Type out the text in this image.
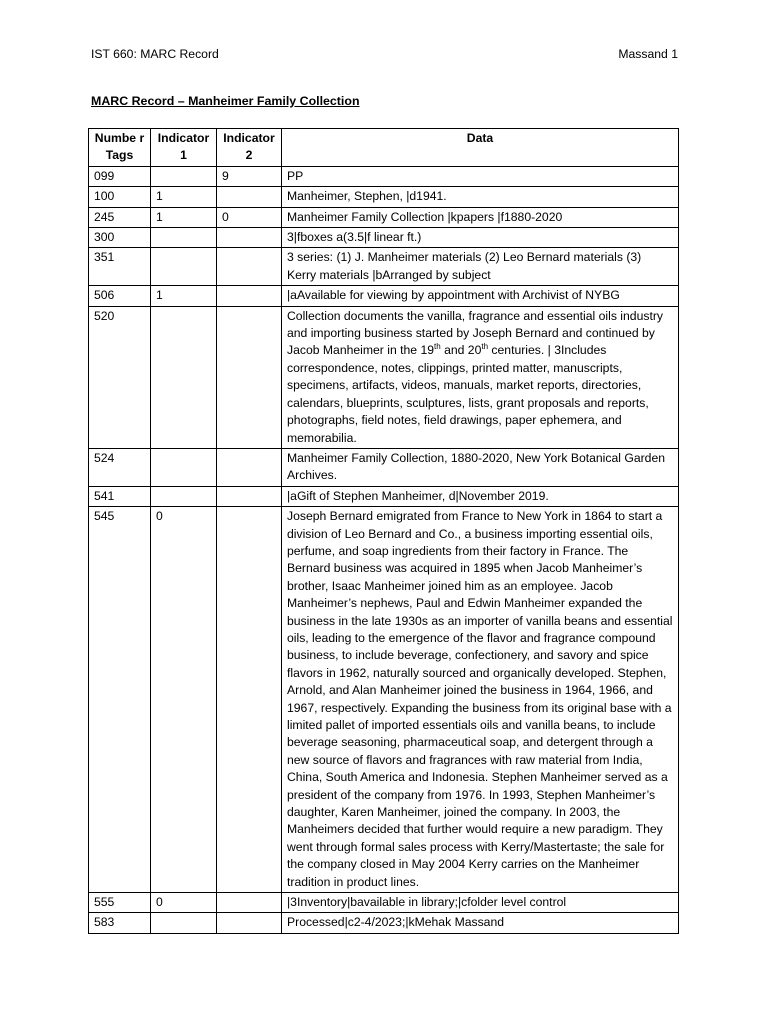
IST 660: MARC Record	Massand 1
MARC Record – Manheimer Family Collection
Numbe r Tags	Indicator 1	Indicator 2	Data
099		9	PP
100	1		Manheimer, Stephen, |d1941.
245	1	0	Manheimer Family Collection |kpapers |f1880-2020
300			3|fboxes a(3.5|f linear ft.)
351			3 series: (1) J. Manheimer materials (2) Leo Bernard materials (3) Kerry materials |bArranged by subject
506	1		|aAvailable for viewing by appointment with Archivist of NYBG
520			Collection documents the vanilla, fragrance and essential oils industry and importing business started by Joseph Bernard and continued by Jacob Manheimer in the 19th and 20th centuries. | 3Includes correspondence, notes, clippings, printed matter, manuscripts, specimens, artifacts, videos, manuals, market reports, directories, calendars, blueprints, sculptures, lists, grant proposals and reports, photographs, field notes, field drawings, paper ephemera, and memorabilia.
524			Manheimer Family Collection, 1880-2020, New York Botanical Garden Archives.
541			|aGift of Stephen Manheimer, d|November 2019.
545	0		Joseph Bernard emigrated from France to New York in 1864 to start a division of Leo Bernard and Co., a business importing essential oils, perfume, and soap ingredients from their factory in France. The Bernard business was acquired in 1895 when Jacob Manheimer’s brother, Isaac Manheimer joined him as an employee. Jacob Manheimer’s nephews, Paul and Edwin Manheimer expanded the business in the late 1930s as an importer of vanilla beans and essential oils, leading to the emergence of the flavor and fragrance compound business, to include beverage, confectionery, and savory and spice flavors in 1962, naturally sourced and organically developed. Stephen, Arnold, and Alan Manheimer joined the business in 1964, 1966, and 1967, respectively. Expanding the business from its original base with a limited pallet of imported essentials oils and vanilla beans, to include beverage seasoning, pharmaceutical soap, and detergent through a new source of flavors and fragrances with raw material from India, China, South America and Indonesia. Stephen Manheimer served as a president of the company from 1976. In 1993, Stephen Manheimer’s daughter, Karen Manheimer, joined the company. In 2003, the Manheimers decided that further would require a new paradigm. They went through formal sales process with Kerry/Mastertaste; the sale for the company closed in May 2004 Kerry carries on the Manheimer tradition in product lines.
555	0		|3Inventory|bavailable in library;|cfolder level control
583			Processed|c2-4/2023;|kMehak Massand
